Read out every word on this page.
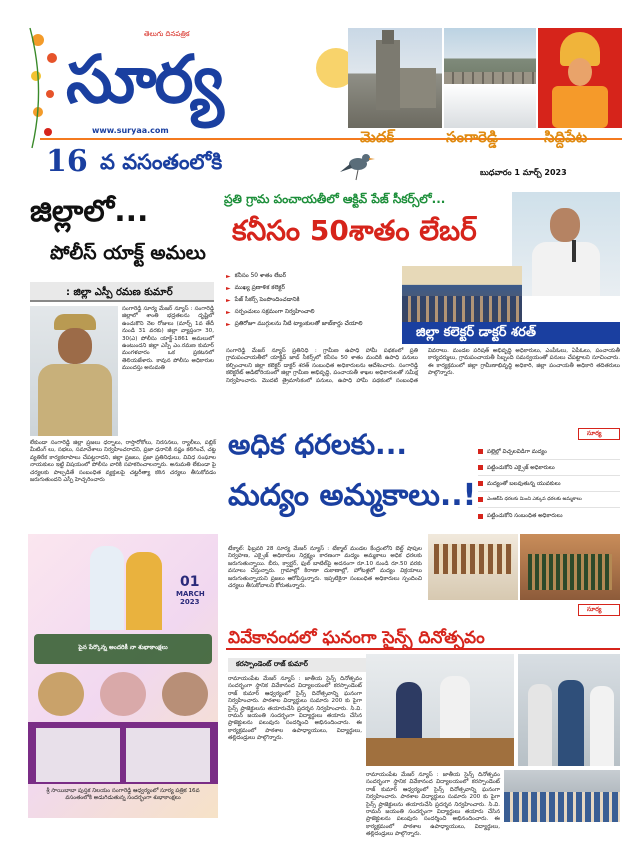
తెలుగు దినపత్రిక
సూర్య
www.suryaa.com
16 వ వసంతంలోకి	బుధవారం 1 మార్చ్ 2023
మెదక్	సంగారెడ్డి	సిద్దిపేట
జిల్లాలో...
పోలీస్ యాక్ట్ అమలు
: జిల్లా ఎస్పీ రమణ కుమార్
సంగారెడ్డి సూర్య మేజర్ న్యూస్ : సంగారెడ్డి జిల్లాలో శాంతి భద్రతలను దృష్టిలో ఉంచుకొని నెల రోజులు (మార్చ్ 1వ తేదీ నుండి 31 వరకు) జిల్లా వ్యాప్తంగా 30, 30(ఎ) పోలీసు యాక్ట్-1861 అమలులో ఉంటుందని జిల్లా ఎస్పీ ఎం.రమణ కుమార్ మంగళవారం ఒక ప్రకటనలో తెలియజేశారు. కావున పోలీసు అధికారుల ముందస్తు అనుమతి
లేకుండా సంగారెడ్డి జిల్లా ప్రజలు ధర్నాలు, రాస్తారోకోలు, నిరసనలు, ర్యాలీలు, పబ్లిక్ మీటింగ్ లు, సభలు, సమావేశాలు నిర్వహించరాదని, ప్రజా ధనానికి నష్టం కలిగించే, చట్ట వ్యతిరేక కార్యకలాపాలు చేపట్టరాదని, జిల్లా ప్రజలు, ప్రజా ప్రతినిధులు, వివిధ సంఘాల నాయకులు ఇట్టి విషయంలో పోలీసు వారికి సహకరించాలన్నారు. అనుమతి లేకుండా పై చర్యలకు పాల్పడితే సంబంధిత వ్యక్తులపై చట్టరీత్యా కఠిన చర్యలు తీసుకోవడం జరుగుతుందని ఎస్పీ హెచ్చరించారు
01
MARCH
2023
పైన పేర్కొన్న అందరికీ నా శుభాకాంక్షలు
శ్రీ సాయిబాబా పుస్తక నిలయం సంగారెడ్డి ఆధ్వర్యంలో సూర్య పత్రిక 16వ వసంతంలోకి అడుగిడుతున్న సందర్భంగా శుభాకాంక్షలు
ప్రతి గ్రామ పంచాయతీలో ఆక్టివ్ పేజ్ సీకర్స్‌లో...
కనీసం 50శాతం లేబర్
► కనీసం 50 శాతం లేబర్
► ముఖ్య ప్రణాళిక కలెక్టర్
► పేజ్ సీకర్స్ పెంపొందించడానికి
► సర్పంచులు సక్రమంగా నిర్వహించాలి
► ప్రతిరోజూ ముగ్గులను నీటి ట్యాంకులతో జాబ్‌కార్డు చేయాలి
జిల్లా కలెక్టర్ డాక్టర్ శరత్
సంగారెడ్డి మేజర్ న్యూస్ ప్రతినిధి : గ్రామీణ ఉపాధి హామీ పథకంలో ప్రతి గ్రామపంచాయతీలో యాక్టివ్ జాబ్ సీకర్స్‌లో కనీసం 50 శాతం మందికి ఉపాధి పనులు కల్పించాలని జిల్లా కలెక్టర్ డాక్టర్ శరత్ సంబంధిత అధికారులను ఆదేశించారు. సంగారెడ్డి కలెక్టరేట్ ఆడిటోరియంలో జిల్లా గ్రామీణ అభివృద్ధి, పంచాయతీ శాఖల అధికారులతో సమీక్ష నిర్వహించారు. మొదటి త్రైమాసికంలో పనులు, ఉపాధి హామీ పథకంలో సంబంధిత వివరాలు. మండల పరిషత్ అభివృద్ధి అధికారులు, ఎంపీఓలు, ఏపీఓలు, పంచాయతీ కార్యదర్శులు, గ్రామపంచాయతీ సిబ్బంది సమన్వయంతో పనులు చేపట్టాలని సూచించారు. ఈ కార్యక్రమంలో జిల్లా గ్రామీణాభివృద్ధి అధికారి, జిల్లా పంచాయతీ అధికారి తదితరులు పాల్గొన్నారు.
అధిక ధరలకు...
మద్యం అమ్మకాలు..!
సూర్య
పల్లెల్లో విచ్చలవిడిగా మద్యం
పట్టించుకోని ఎక్సైజ్ అధికారులు
మద్యంతో బలవుతున్న యువకులు
ఎంఆర్‌పి ధరలకు మించి ఎక్కువ ధరలకు అమ్మకాలు
పట్టించుకోని సంబంధిత అధికారులు
టేక్మాల్: ఫిబ్రవరి 28 సూర్య మేజర్ న్యూస్ : టేక్మాల్ మండల కేంద్రంలోని బెల్ట్ షాపుల నిర్వహణ, ఎక్సైజ్ అధికారుల నిర్లక్ష్యం కారణంగా మద్యం అమ్మకాలు అధిక ధరలకు జరుగుతున్నాయి. బీరు, క్వార్టర్, ఫుల్ బాటిల్‌పై అదనంగా రూ.10 నుండి రూ.50 వరకు వసూలు చేస్తున్నారు. గ్రామాల్లో కిరాణా దుకాణాల్లో, హోటళ్లలో మద్యం విక్రయాలు జరుగుతున్నాయని ప్రజలు ఆరోపిస్తున్నారు. ఇప్పటికైనా సంబంధిత అధికారులు స్పందించి చర్యలు తీసుకోవాలని కోరుతున్నారు.
సూర్య
వివేకానందలో ఘనంగా సైన్స్ దినోత్సవం
కరస్పాండెంట్ రాజ్ కుమార్
రామాయంపేట మేజర్ న్యూస్ : జాతీయ సైన్స్ దినోత్సవం సందర్భంగా స్థానిక వివేకానంద విద్యాలయంలో కరస్పాండెంట్ రాజ్ కుమార్ ఆధ్వర్యంలో సైన్స్ దినోత్సవాన్ని ఘనంగా నిర్వహించారు. పాఠశాల విద్యార్థులు సుమారు 200 కు పైగా సైన్స్ ప్రాజెక్టులను తయారుచేసి ప్రదర్శన నిర్వహించారు. సి.వి. రామన్ జయంతి సందర్భంగా విద్యార్థులు తయారు చేసిన ప్రాజెక్టులను పలువురు సందర్శించి అభినందించారు. ఈ కార్యక్రమంలో పాఠశాల ఉపాధ్యాయులు, విద్యార్థులు, తల్లిదండ్రులు పాల్గొన్నారు.
రామాయంపేట మేజర్ న్యూస్ : జాతీయ సైన్స్ దినోత్సవం సందర్భంగా స్థానిక వివేకానంద విద్యాలయంలో కరస్పాండెంట్ రాజ్ కుమార్ ఆధ్వర్యంలో సైన్స్ దినోత్సవాన్ని ఘనంగా నిర్వహించారు. పాఠశాల విద్యార్థులు సుమారు 200 కు పైగా సైన్స్ ప్రాజెక్టులను తయారుచేసి ప్రదర్శన నిర్వహించారు. సి.వి. రామన్ జయంతి సందర్భంగా విద్యార్థులు తయారు చేసిన ప్రాజెక్టులను పలువురు సందర్శించి అభినందించారు. ఈ కార్యక్రమంలో పాఠశాల ఉపాధ్యాయులు, విద్యార్థులు, తల్లిదండ్రులు పాల్గొన్నారు.
